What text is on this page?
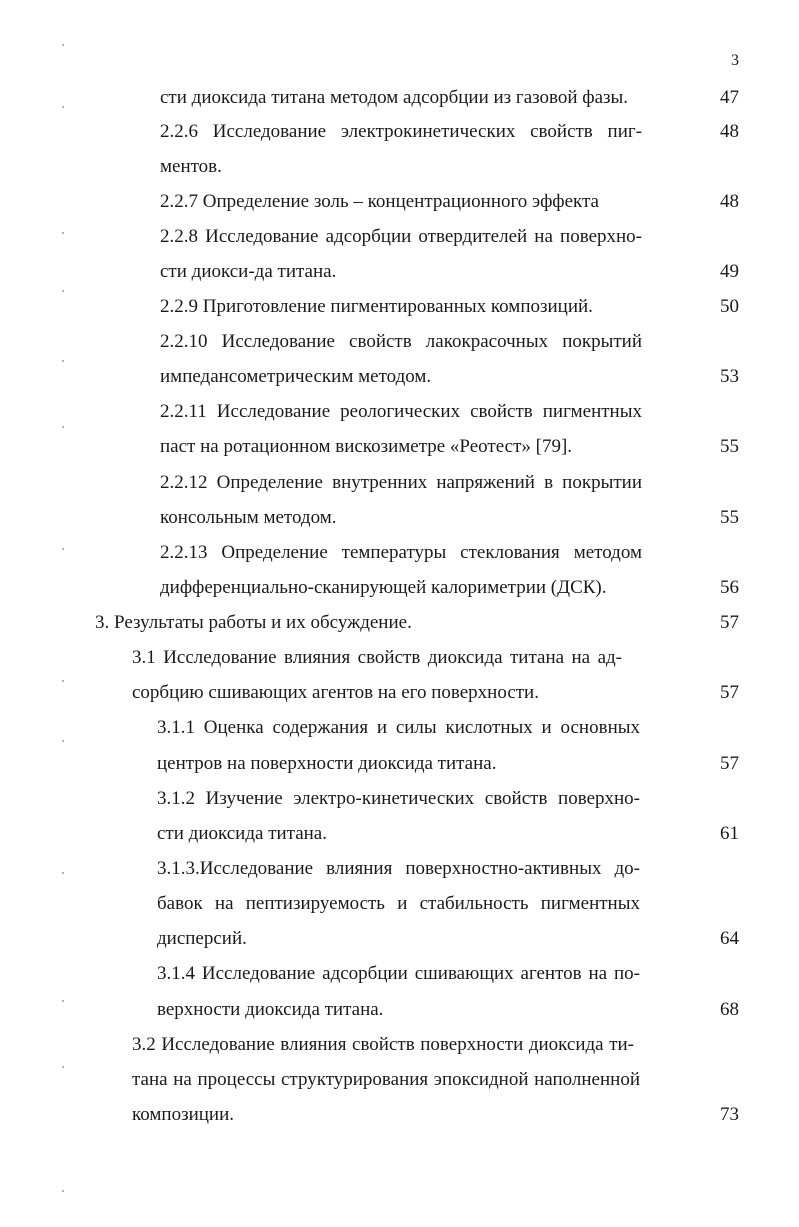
3
сти диоксида титана методом адсорбции из газовой фазы.	47
2.2.6 Исследование электрокинетических свойств пиг-	48
ментов.
2.2.7 Определение золь – концентрационного эффекта	48
2.2.8 Исследование адсорбции отвердителей на поверхно-
сти диокси-да титана.	49
2.2.9 Приготовление пигментированных композиций.	50
2.2.10 Исследование свойств лакокрасочных покрытий
импедансометрическим методом.	53
2.2.11 Исследование реологических свойств пигментных
паст на ротационном вискозиметре «Реотест» [79].	55
2.2.12 Определение внутренних напряжений в покрытии
консольным методом.	55
2.2.13 Определение температуры стеклования методом
дифференциально-сканирующей калориметрии (ДСК).	56
3. Результаты работы и их обсуждение.	57
3.1 Исследование влияния свойств диоксида титана на ад-
сорбцию сшивающих агентов на его поверхности.	57
3.1.1 Оценка содержания и силы кислотных и основных
центров на поверхности диоксида титана.	57
3.1.2 Изучение электро-кинетических свойств поверхно-
сти диоксида титана.	61
3.1.3.Исследование влияния поверхностно-активных до-
бавок на пептизируемость и стабильность пигментных
дисперсий.	64
3.1.4 Исследование адсорбции сшивающих агентов на по-
верхности диоксида титана.	68
3.2 Исследование влияния свойств поверхности диоксида ти-
тана на процессы структурирования эпоксидной наполненной
композиции.	73
